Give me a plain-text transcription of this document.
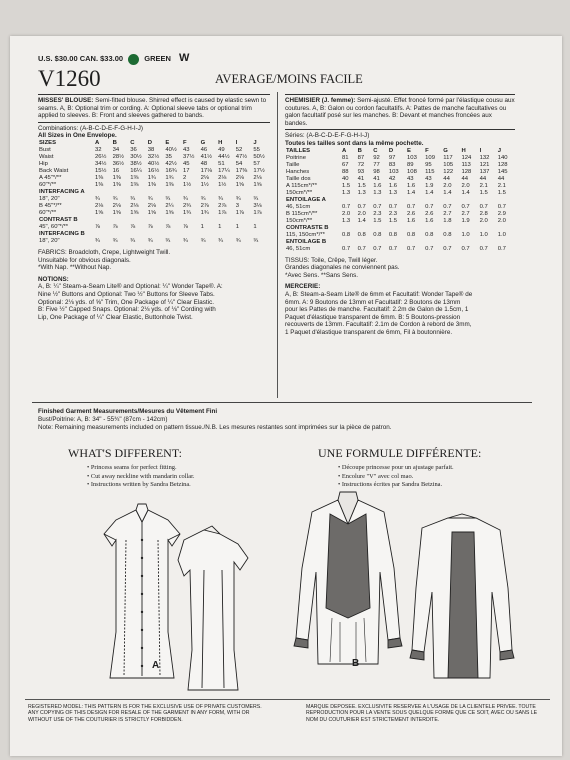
U.S. $30.00 CAN. $33.00	GREEN W
V1260	AVERAGE/MOINS FACILE
MISSES' BLOUSE: Semi-fitted blouse. Shirred effect is caused by elastic sewn to seams. A, B: Optional trim or cording. A: Optional sleeve tabs or optional trim applied to sleeves. B: Front and sleeves gathered to bands.
Combinations: (A-B-C-D-E-F-G-H-I-J)
All Sizes in One Envelope.
SIZES	A	B	C	D	E	F	G	H	I	J
Bust	32	34	36	38	40½	43	46	49	52	55
Waist	26½	28½	30½	32½	35	37½	41½	44½	47½	50½
Hip	34½	36½	38½	40½	42½	45	48	51	54	57
Back Waist	15½	16	16¼	16½	16¾	17	17⅛	17¼	17⅜	17½
A 45"*/**	1⅜	1⅜	1⅜	1¾	1¾	2	2⅛	2⅛	2⅛	2⅛
60"*/**	1⅜	1⅜	1⅜	1⅜	1⅜	1½	1½	1½	1⅝	1⅝
INTERFACING A										
18", 20"	¾	¾	¾	¾	¾	¾	¾	¾	¾	¾
B 45"*/**	2⅛	2⅛	2⅛	2⅛	2¼	2¾	2⅞	2⅞	3	3⅛
60"*/**	1⅝	1⅝	1⅝	1⅝	1⅝	1¾	1¾	1⅞	1⅞	1⅞
CONTRAST B										
45", 60"*/**	⅞	⅞	⅞	⅞	⅞	⅞	1	1	1	1
INTERFACING B										
18", 20"	¾	¾	¾	¾	¾	¾	¾	¾	¾	¾
FABRICS: Broadcloth, Crepe, Lightweight Twill.
Unsuitable for obvious diagonals.
*With Nap. **Without Nap.
NOTIONS:
A, B: ¼" Steam-a-Seam Lite® and Optional: ¼" Wonder Tape®. A:
Nine ½" Buttons and Optional: Two ½" Buttons for Sleeve Tabs.
Optional: 2⅛ yds. of ⅝" Trim, One Package of ¼" Clear Elastic.
B: Five ½" Capped Snaps. Optional: 2⅛ yds. of ⅛" Cording with
Lip, One Package of ¼" Clear Elastic, Buttonhole Twist.
CHEMISIER (J. femme): Semi-ajusté. Effet froncé formé par l'élastique cousu aux coutures. A, B: Galon ou cordon facultatifs. A: Pattes de manche facultatives ou galon facultatif posé sur les manches. B: Devant et manches froncées aux bandes.
Séries: (A-B-C-D-E-F-G-H-I-J)
Toutes les tailles sont dans la même pochette.
TAILLES	A	B	C	D	E	F	G	H	I	J
Poitrine	81	87	92	97	103	109	117	124	132	140
Taille	67	72	77	83	89	95	105	113	121	128
Hanches	88	93	98	103	108	115	122	128	137	145
Taille dos	40	41	41	42	43	43	44	44	44	44
A 115cm*/**	1.5	1.5	1.6	1.6	1.6	1.9	2.0	2.0	2.1	2.1
150cm*/**	1.3	1.3	1.3	1.3	1.4	1.4	1.4	1.4	1.5	1.5
ENTOILAGE A										
46, 51cm	0.7	0.7	0.7	0.7	0.7	0.7	0.7	0.7	0.7	0.7
B 115cm*/**	2.0	2.0	2.3	2.3	2.6	2.6	2.7	2.7	2.8	2.9
150cm*/**	1.3	1.4	1.5	1.5	1.6	1.6	1.8	1.9	2.0	2.0
CONTRASTE B										
115, 150cm*/**	0.8	0.8	0.8	0.8	0.8	0.8	0.8	1.0	1.0	1.0
ENTOILAGE B										
46, 51cm	0.7	0.7	0.7	0.7	0.7	0.7	0.7	0.7	0.7	0.7
TISSUS: Toile, Crêpe, Twill léger.
Grandes diagonales ne conviennent pas.
*Avec Sens. **Sans Sens.
MERCERIE:
A, B: Steam-a-Seam Lite® de 6mm et Facultatif: Wonder Tape® de
6mm. A: 9 Boutons de 13mm et Facultatif: 2 Boutons de 13mm
pour les Pattes de manche. Facultatif: 2.2m de Galon de 1.5cm, 1
Paquet d'élastique transparent de 6mm. B: 5 Boutons-pression
recouverts de 13mm. Facultatif: 2.1m de Cordon à rebord de 3mm,
1 Paquet d'élastique transparent de 6mm, Fil à boutonnière.
Finished Garment Measurements/Mesures du Vêtement Fini
Bust/Poitrine: A, B: 34" - 55¾" (87cm - 142cm)
Note: Remaining measurements included on pattern tissue./N.B. Les mesures restantes sont imprimées sur la pièce de patron.
WHAT'S DIFFERENT:	UNE FORMULE DIFFÉRENTE:
• Princess seams for perfect fitting.
• Cut away neckline with mandarin collar.
• Instructions written by Sandra Betzina.
• Découpe princesse pour un ajustage parfait.
• Encolure "V" avec col mao.
• Instructions écrites par Sandra Betzina.
A	B
REGISTERED MODEL: THIS PATTERN IS FOR THE EXCLUSIVE USE OF PRIVATE CUSTOMERS. ANY COPYING OF THIS DESIGN FOR RESALE OF THE GARMENT IN ANY FORM, WITH OR WITHOUT USE OF THE COUTURIER IS STRICTLY FORBIDDEN.
MARQUE DEPOSEE. EXCLUSIVITE RESERVEE A L'USAGE DE LA CLIENTELE PRIVEE. TOUTE REPRODUCTION POUR LA VENTE SOUS QUELQUE FORME QUE CE SOIT, AVEC OU SANS LE NOM DU COUTURIER EST STRICTEMENT INTERDITE.
